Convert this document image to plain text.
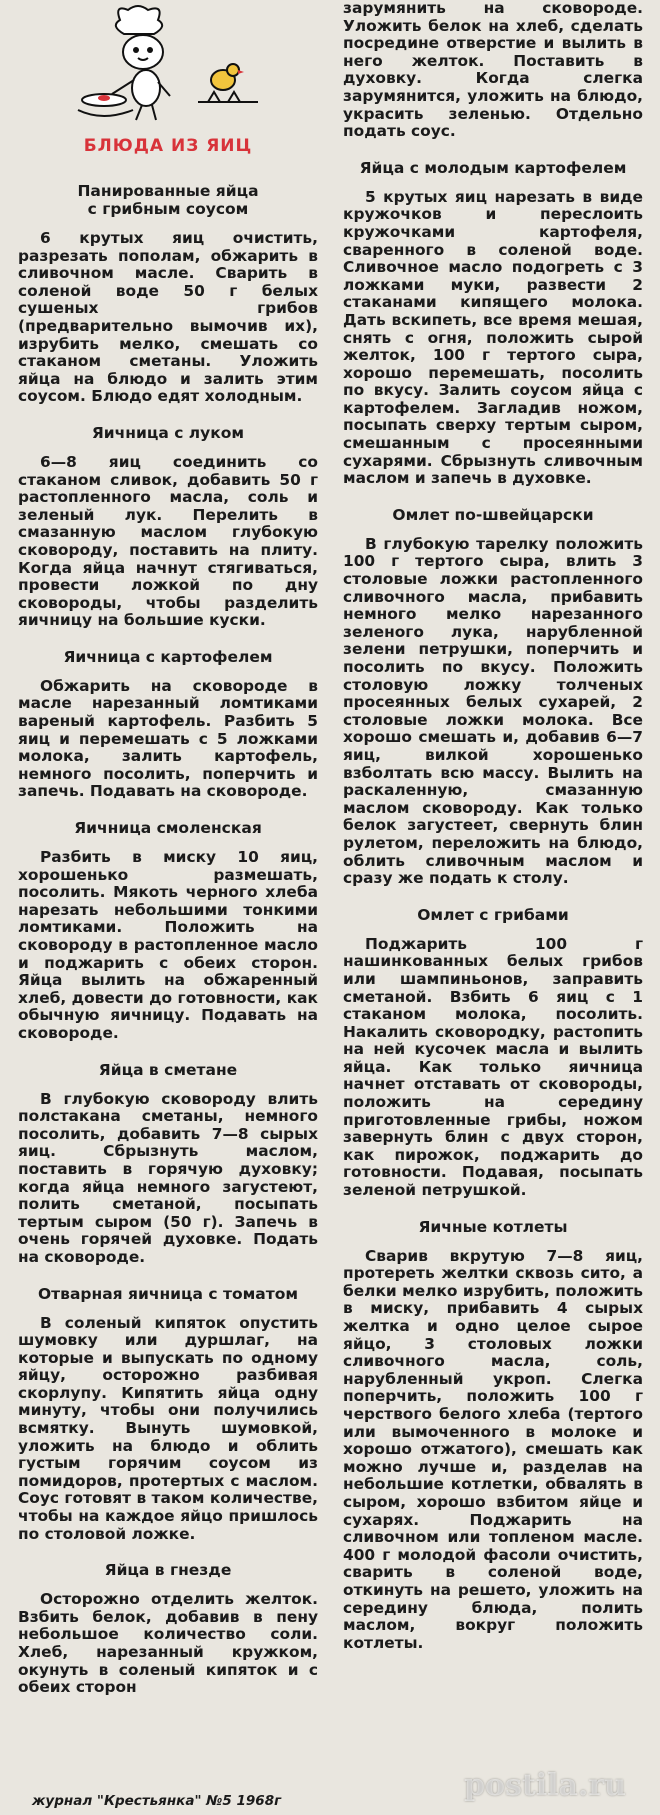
БЛЮДА ИЗ ЯИЦ
Панированные яйца
с грибным соусом

6 крутых яиц очистить, разрезать пополам, обжарить в сливочном масле. Сварить в соленой воде 50 г белых сушеных грибов (предварительно вымочив их), изрубить мелко, смешать со стаканом сметаны. Уложить яйца на блюдо и залить этим соусом. Блюдо едят холодным.

Яичница с луком

6—8 яиц соединить со стаканом сливок, добавить 50 г растопленного масла, соль и зеленый лук. Перелить в смазанную маслом глубокую сковороду, поставить на плиту. Когда яйца начнут стягиваться, провести ложкой по дну сковороды, чтобы разделить яичницу на большие куски.

Яичница с картофелем

Обжарить на сковороде в масле нарезанный ломтиками вареный картофель. Разбить 5 яиц и перемешать с 5 ложками молока, залить картофель, немного посолить, поперчить и запечь. Подавать на сковороде.

Яичница смоленская

Разбить в миску 10 яиц, хорошенько размешать, посолить. Мякоть черного хлеба нарезать небольшими тонкими ломтиками. Положить на сковороду в растопленное масло и поджарить с обеих сторон. Яйца вылить на обжаренный хлеб, довести до готовности, как обычную яичницу. Подавать на сковороде.

Яйца в сметане

В глубокую сковороду влить полстакана сметаны, немного посолить, добавить 7—8 сырых яиц. Сбрызнуть маслом, поставить в горячую духовку; когда яйца немного загустеют, полить сметаной, посыпать тертым сыром (50 г). Запечь в очень горячей духовке. Подать на сковороде.

Отварная яичница с томатом

В соленый кипяток опустить шумовку или дуршлаг, на которые и выпускать по одному яйцу, осторожно разбивая скорлупу. Кипятить яйца одну минуту, чтобы они получились всмятку. Вынуть шумовкой, уложить на блюдо и облить густым горячим соусом из помидоров, протертых с маслом. Соус готовят в таком количестве, чтобы на каждое яйцо пришлось по столовой ложке.

Яйца в гнезде

Осторожно отделить желток. Взбить белок, добавив в пену небольшое количество соли. Хлеб, нарезанный кружком, окунуть в соленый кипяток и с обеих сторон

зарумянить на сковороде. Уложить белок на хлеб, сделать посредине отверстие и вылить в него желток. Поставить в духовку. Когда слегка зарумянится, уложить на блюдо, украсить зеленью. Отдельно подать соус.

Яйца с молодым картофелем

5 крутых яиц нарезать в виде кружочков и переслоить кружочками картофеля, сваренного в соленой воде. Сливочное масло подогреть с 3 ложками муки, развести 2 стаканами кипящего молока. Дать вскипеть, все время мешая, снять с огня, положить сырой желток, 100 г тертого сыра, хорошо перемешать, посолить по вкусу. Залить соусом яйца с картофелем. Загладив ножом, посыпать сверху тертым сыром, смешанным с просеянными сухарями. Сбрызнуть сливочным маслом и запечь в духовке.

Омлет по-швейцарски

В глубокую тарелку положить 100 г тертого сыра, влить 3 столовые ложки растопленного сливочного масла, прибавить немного мелко нарезанного зеленого лука, нарубленной зелени петрушки, поперчить и посолить по вкусу. Положить столовую ложку толченых просеянных белых сухарей, 2 столовые ложки молока. Все хорошо смешать и, добавив 6—7 яиц, вилкой хорошенько взболтать всю массу. Вылить на раскаленную, смазанную маслом сковороду. Как только белок загустеет, свернуть блин рулетом, переложить на блюдо, облить сливочным маслом и сразу же подать к столу.

Омлет с грибами

Поджарить 100 г нашинкованных белых грибов или шампиньонов, заправить сметаной. Взбить 6 яиц с 1 стаканом молока, посолить. Накалить сковородку, растопить на ней кусочек масла и вылить яйца. Как только яичница начнет отставать от сковороды, положить на середину приготовленные грибы, ножом завернуть блин с двух сторон, как пирожок, поджарить до готовности. Подавая, посыпать зеленой петрушкой.

Яичные котлеты

Сварив вкрутую 7—8 яиц, протереть желтки сквозь сито, а белки мелко изрубить, положить в миску, прибавить 4 сырых желтка и одно целое сырое яйцо, 3 столовых ложки сливочного масла, соль, нарубленный укроп. Слегка поперчить, положить 100 г черствого белого хлеба (тертого или вымоченного в молоке и хорошо отжатого), смешать как можно лучше и, разделав на небольшие котлетки, обвалять в сыром, хорошо взбитом яйце и сухарях. Поджарить на сливочном или топленом масле. 400 г молодой фасоли очистить, сварить в соленой воде, откинуть на решето, уложить на середину блюда, полить маслом, вокруг положить котлеты.

журнал "Крестьянка" №5 1968г	postila.ru
